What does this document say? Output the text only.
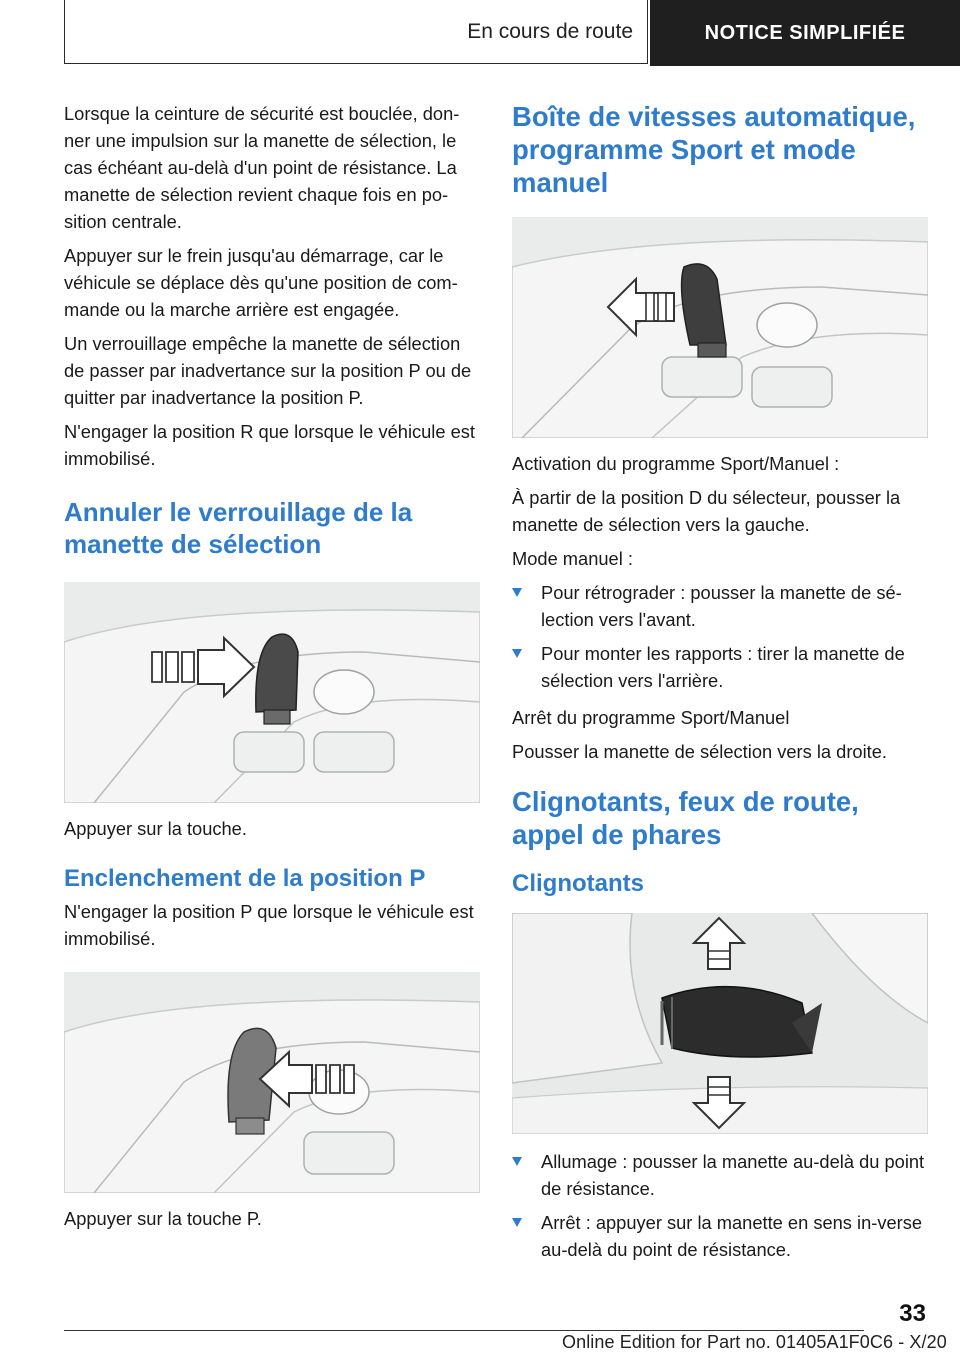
En cours de route	NOTICE SIMPLIFIÉE

Lorsque la ceinture de sécurité est bouclée, don-ner une impulsion sur la manette de sélection, le cas échéant au-delà d'un point de résistance. La manette de sélection revient chaque fois en po-sition centrale.

Appuyer sur le frein jusqu'au démarrage, car le véhicule se déplace dès qu'une position de com-mande ou la marche arrière est engagée.

Un verrouillage empêche la manette de sélection de passer par inadvertance sur la position P ou de quitter par inadvertance la position P.

N'engager la position R que lorsque le véhicule est immobilisé.

Annuler le verrouillage de la manette de sélection

Appuyer sur la touche.

Enclenchement de la position P

N'engager la position P que lorsque le véhicule est immobilisé.

Appuyer sur la touche P.

Boîte de vitesses automatique, programme Sport et mode manuel

Activation du programme Sport/Manuel :

À partir de la position D du sélecteur, pousser la manette de sélection vers la gauche.

Mode manuel :

Pour rétrograder : pousser la manette de sé-lection vers l'avant.
Pour monter les rapports : tirer la manette de sélection vers l'arrière.

Arrêt du programme Sport/Manuel

Pousser la manette de sélection vers la droite.

Clignotants, feux de route, appel de phares
Clignotants
Allumage : pousser la manette au-delà du point de résistance.
Arrêt : appuyer sur la manette en sens in-verse au-delà du point de résistance.
33
Online Edition for Part no. 01405A1F0C6 - X/20
